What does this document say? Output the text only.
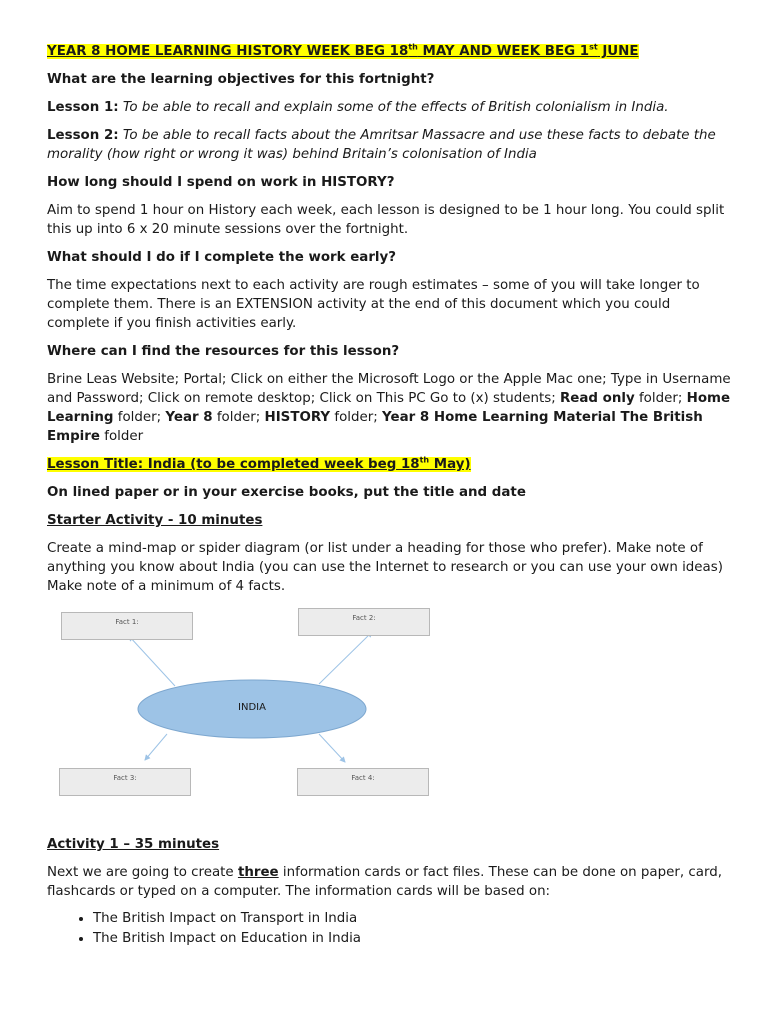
YEAR 8 HOME LEARNING HISTORY WEEK BEG 18th MAY AND WEEK BEG 1st JUNE

What are the learning objectives for this fortnight?

Lesson 1: To be able to recall and explain some of the effects of British colonialism in India.

Lesson 2: To be able to recall facts about the Amritsar Massacre and use these facts to debate the morality (how right or wrong it was) behind Britain’s colonisation of India

How long should I spend on work in HISTORY?

Aim to spend 1 hour on History each week, each lesson is designed to be 1 hour long. You could split this up into 6 x 20 minute sessions over the fortnight.

What should I do if I complete the work early?

The time expectations next to each activity are rough estimates – some of you will take longer to complete them. There is an EXTENSION activity at the end of this document which you could complete if you finish activities early.

Where can I find the resources for this lesson?

Brine Leas Website; Portal; Click on either the Microsoft Logo or the Apple Mac one; Type in Username and Password; Click on remote desktop; Click on This PC Go to (x) students; Read only folder; Home Learning folder; Year 8 folder; HISTORY folder; Year 8 Home Learning Material The British Empire folder

Lesson Title: India (to be completed week beg 18th May)

On lined paper or in your exercise books, put the title and date

Starter Activity - 10 minutes

Create a mind-map or spider diagram (or list under a heading for those who prefer). Make note of anything you know about India (you can use the Internet to research or you can use your own ideas) Make note of a minimum of 4 facts.

INDIA
Fact 1:	Fact 2:
Fact 3:	Fact 4:

Activity 1 – 35 minutes

Next we are going to create three information cards or fact files. These can be done on paper, card, flashcards or typed on a computer. The information cards will be based on:

• The British Impact on Transport in India
• The British Impact on Education in India
